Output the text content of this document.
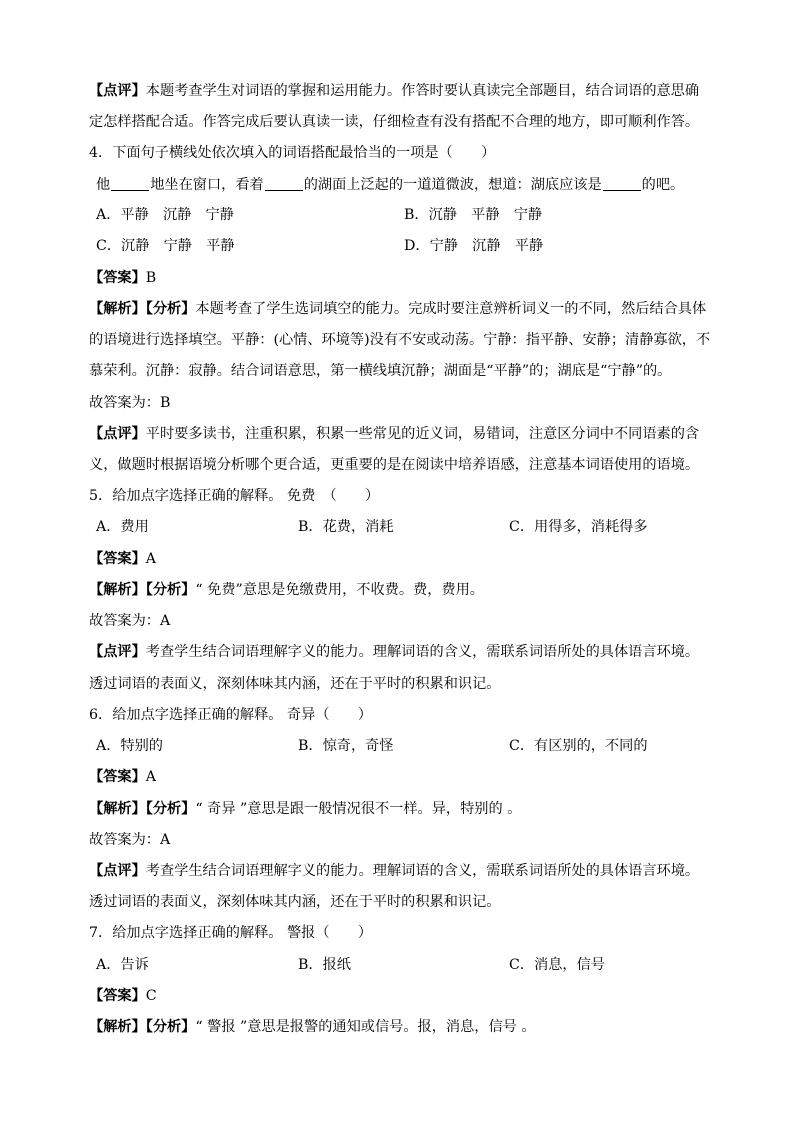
【点评】本题考查学生对词语的掌握和运用能力。作答时要认真读完全部题目，结合词语的意思确
定怎样搭配合适。作答完成后要认真读一读，仔细检查有没有搭配不合理的地方，即可顺利作答。
4．下面句子横线处依次填入的词语搭配最恰当的一项是（　　）
他	地坐在窗口，看着	的湖面上泛起的一道道微波，想道：湖底应该是	的吧。
A．平静　沉静　宁静	B．沉静　平静　宁静
C．沉静　宁静　平静	D．宁静　沉静　平静
【答案】B
【解析】【分析】本题考查了学生选词填空的能力。完成时要注意辨析词义一的不同，然后结合具体
的语境进行选择填空。平静：(心情、环境等)没有不安或动荡。宁静：指平静、安静；清静寡欲，不
慕荣利。沉静：寂静。结合词语意思，第一横线填沉静；湖面是“平静”的；湖底是“宁静”的。
故答案为：B
【点评】平时要多读书，注重积累，积累一些常见的近义词，易错词，注意区分词中不同语素的含
义，做题时根据语境分析哪个更合适，更重要的是在阅读中培养语感，注意基本词语使用的语境。
5．给加点字选择正确的解释。 免费　（　　）
A．费用	B．花费，消耗	C．用得多，消耗得多
【答案】A
【解析】【分析】“ 免费”意思是免缴费用，不收费。费，费用。
故答案为：A
【点评】考查学生结合词语理解字义的能力。理解词语的含义，需联系词语所处的具体语言环境。
透过词语的表面义，深刻体味其内涵，还在于平时的积累和识记。
6．给加点字选择正确的解释。 奇异（　　）
A．特别的	B．惊奇，奇怪	C．有区别的，不同的
【答案】A
【解析】【分析】“ 奇异 ”意思是跟一般情况很不一样。异，特别的 。
故答案为：A
【点评】考查学生结合词语理解字义的能力。理解词语的含义，需联系词语所处的具体语言环境。
透过词语的表面义，深刻体味其内涵，还在于平时的积累和识记。
7．给加点字选择正确的解释。 警报（　　）
A．告诉	B．报纸	C．消息，信号
【答案】C
【解析】【分析】“ 警报 ”意思是报警的通知或信号。报，消息，信号 。
